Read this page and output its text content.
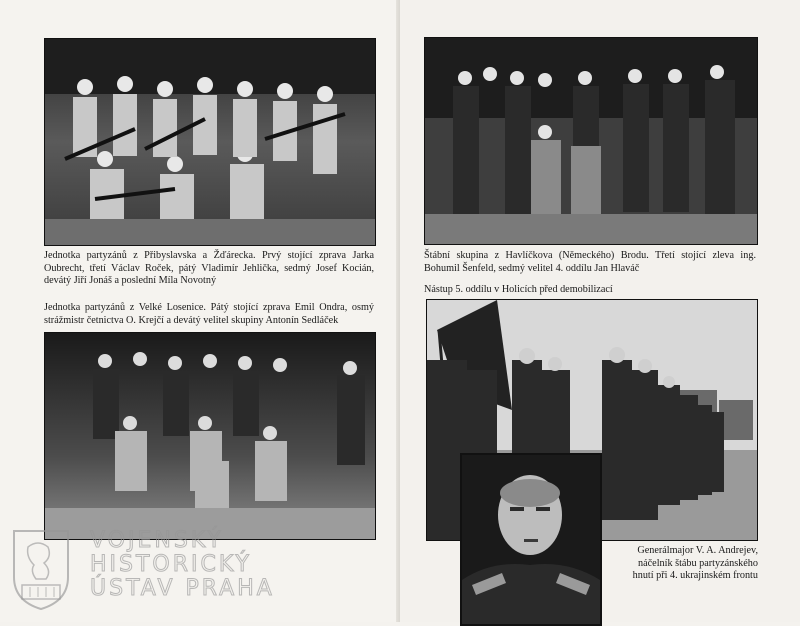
Jednotka partyzánů z Přibyslavska a Žďárecka. Prvý stojící zprava Jarka Oubrecht, třetí Václav Roček, pátý Vladimír Jehlička, sedmý Josef Kocián, devátý Jiří Jonáš a poslední Míla Novotný

Jednotka partyzánů z Velké Losenice. Pátý stojící zprava Emil Ondra, osmý strážmistr četnictva O. Krejčí a devátý velitel skupiny Antonín Sedláček

VOJENSKÝ
HISTORICKÝ
ÚSTAV PRAHA

Štábní skupina z Havlíčkova (Německého) Brodu. Třetí stojící zleva ing. Bohumil Šenfeld, sedmý velitel 4. oddílu Jan Hlaváč

Nástup 5. oddílu v Holicích před demobilizací

Generálmajor V. A. Andrejev, náčelník štábu partyzánského hnutí při 4. ukrajinském frontu
